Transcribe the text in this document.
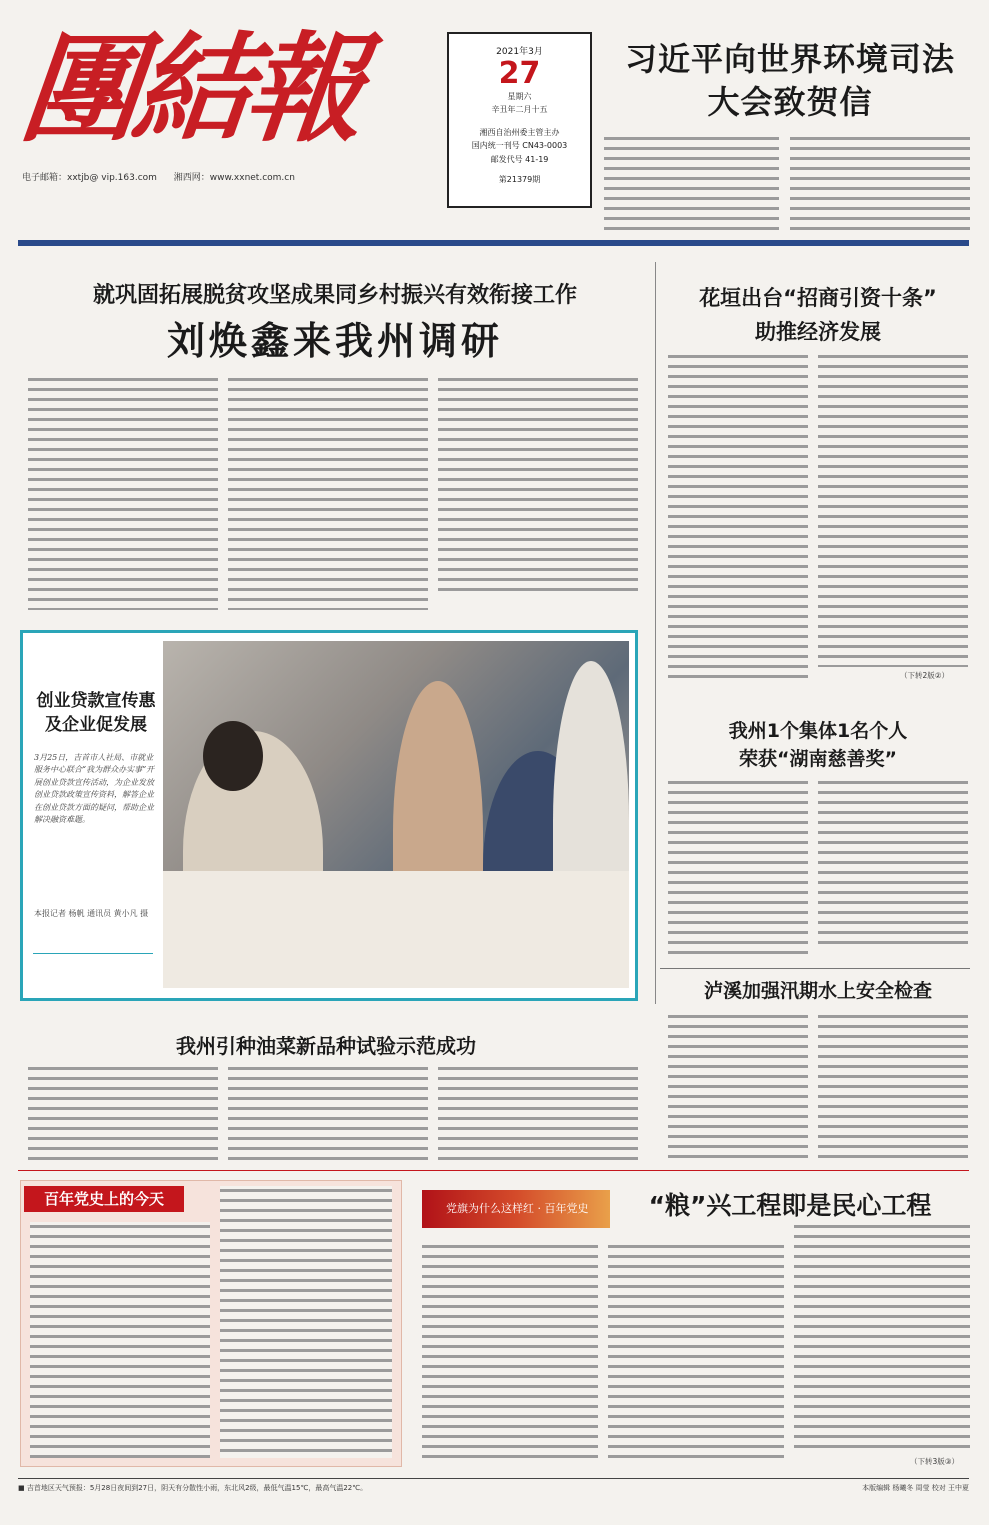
團結報
电子邮箱：xxtjb@ vip.163.com 湘西网：www.xxnet.com.cn
2021年3月
27
星期六
辛丑年二月十五
湘西自治州委主管主办
国内统一刊号 CN43-0003
邮发代号 41-19
第21379期
习近平向世界环境司法大会致贺信
就巩固拓展脱贫攻坚成果同乡村振兴有效衔接工作
刘焕鑫来我州调研
花垣出台“招商引资十条”
助推经济发展
（下转2版②）
创业贷款宣传惠及企业促发展
3月25日，吉首市人社局、市就业服务中心联合“我为群众办实事”开展创业贷款宣传活动，为企业发放创业贷款政策宣传资料，解答企业在创业贷款方面的疑问，帮助企业解决融资难题。
本报记者 杨帆 通讯员 黄小凡 摄
我州1个集体1名个人
荣获“湖南慈善奖”
泸溪加强汛期水上安全检查
我州引种油菜新品种试验示范成功
百年党史上的今天
党旗为什么这样红 · 百年党史	“粮”兴工程即是民心工程
（下转3版③）
■ 吉首地区天气预报：5月28日夜间到27日，阴天有分散性小雨，东北风2级，最低气温15℃，最高气温22℃。	本版编辑 杨曦冬 周莹 校对 王中夏
